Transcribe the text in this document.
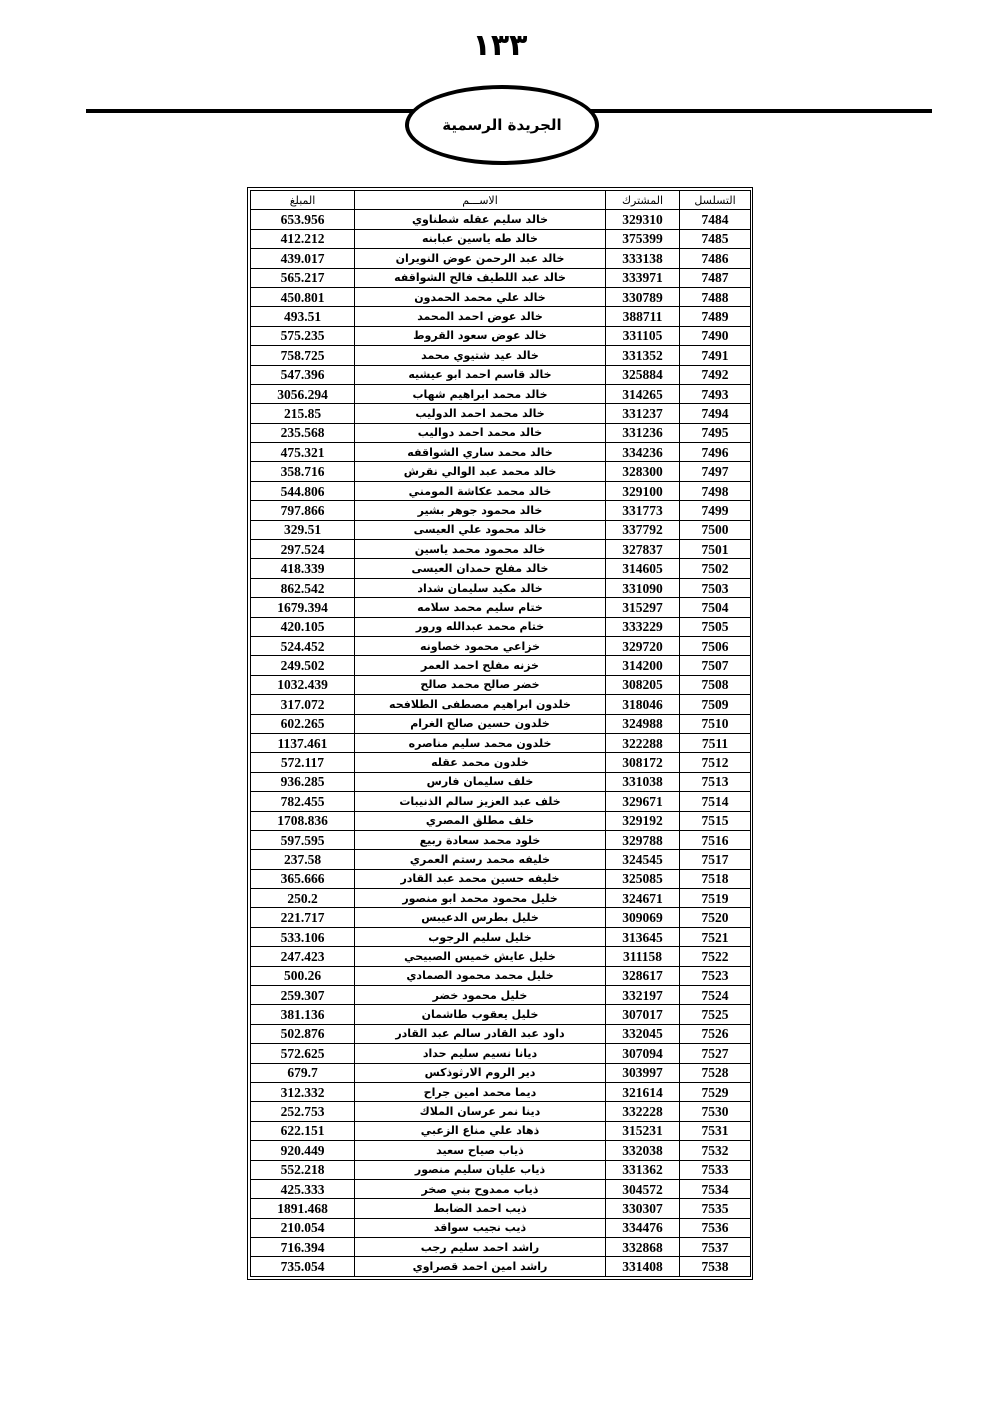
١٣٣
الجريدة الرسمية
التسلسل	المشترك	الاســـم	المبلغ
7484	329310	خالد سليم عقله شطناوي	653.956
7485	375399	خالد طه ياسين عبابنه	412.212
7486	333138	خالد عبد الرحمن عوض النويران	439.017
7487	333971	خالد عبد اللطيف فالح الشواقفه	565.217
7488	330789	خالد علي محمد الحمدون	450.801
7489	388711	خالد عوض احمد المحمد	493.51
7490	331105	خالد عوض سعود القروط	575.235
7491	331352	خالد عيد شتيوي محمد	758.725
7492	325884	خالد قاسم احمد ابو عيشيه	547.396
7493	314265	خالد محمد ابراهيم شهاب	3056.294
7494	331237	خالد محمد احمد الدوليب	215.85
7495	331236	خالد محمد احمد دواليب	235.568
7496	334236	خالد محمد ساري الشواقفه	475.321
7497	328300	خالد محمد عبد الوالي نقرش	358.716
7498	329100	خالد محمد عكاشة المومني	544.806
7499	331773	خالد محمود جوهر بشير	797.866
7500	337792	خالد محمود علي العيسى	329.51
7501	327837	خالد محمود محمد ياسين	297.524
7502	314605	خالد مفلح حمدان العيسى	418.339
7503	331090	خالد مكيد سليمان شداد	862.542
7504	315297	ختام سليم محمد سلامه	1679.394
7505	333229	ختام محمد عبدالله ورور	420.105
7506	329720	خزاعي محمود خصاونه	524.452
7507	314200	خزنه مفلح احمد العمر	249.502
7508	308205	خضر صالح محمد صالح	1032.439
7509	318046	خلدون ابراهيم مصطفى الطلافحه	317.072
7510	324988	خلدون حسين صالح الغرام	602.265
7511	322288	خلدون محمد سليم مناصره	1137.461
7512	308172	خلدون محمد عقله	572.117
7513	331038	خلف سليمان فارس	936.285
7514	329671	خلف عبد العزيز سالم الذنيبات	782.455
7515	329192	خلف مطلق المصري	1708.836
7516	329788	خلود محمد سعادة ربيع	597.595
7517	324545	خليفه محمد رستم العمري	237.58
7518	325085	خليفه حسين محمد عبد القادر	365.666
7519	324671	خليل محمود محمد ابو منصور	250.2
7520	309069	خليل بطرس الدعيبس	221.717
7521	313645	خليل سليم الرجوب	533.106
7522	311158	خليل عايش خميس الصبيحي	247.423
7523	328617	خليل محمد محمود الصمادي	500.26
7524	332197	خليل محمود خضر	259.307
7525	307017	خليل يعقوب طاشمان	381.136
7526	332045	داود عبد القادر سالم عبد القادر	502.876
7527	307094	ديانا نسيم سليم حداد	572.625
7528	303997	دير الروم الارثوذكس	679.7
7529	321614	ديما محمد امين جراح	312.332
7530	332228	دينا نمر عرسان الملاك	252.753
7531	315231	ذهاد علي مناع الزعبي	622.151
7532	332038	ذياب صياح سعيد	920.449
7533	331362	ذياب عليان سليم منصور	552.218
7534	304572	ذياب ممدوح بني صخر	425.333
7535	330307	ذيب احمد الضابط	1891.468
7536	334476	ذيب نجيب سواقد	210.054
7537	332868	راشد احمد سليم رجب	716.394
7538	331408	راشد امين احمد قصراوي	735.054
